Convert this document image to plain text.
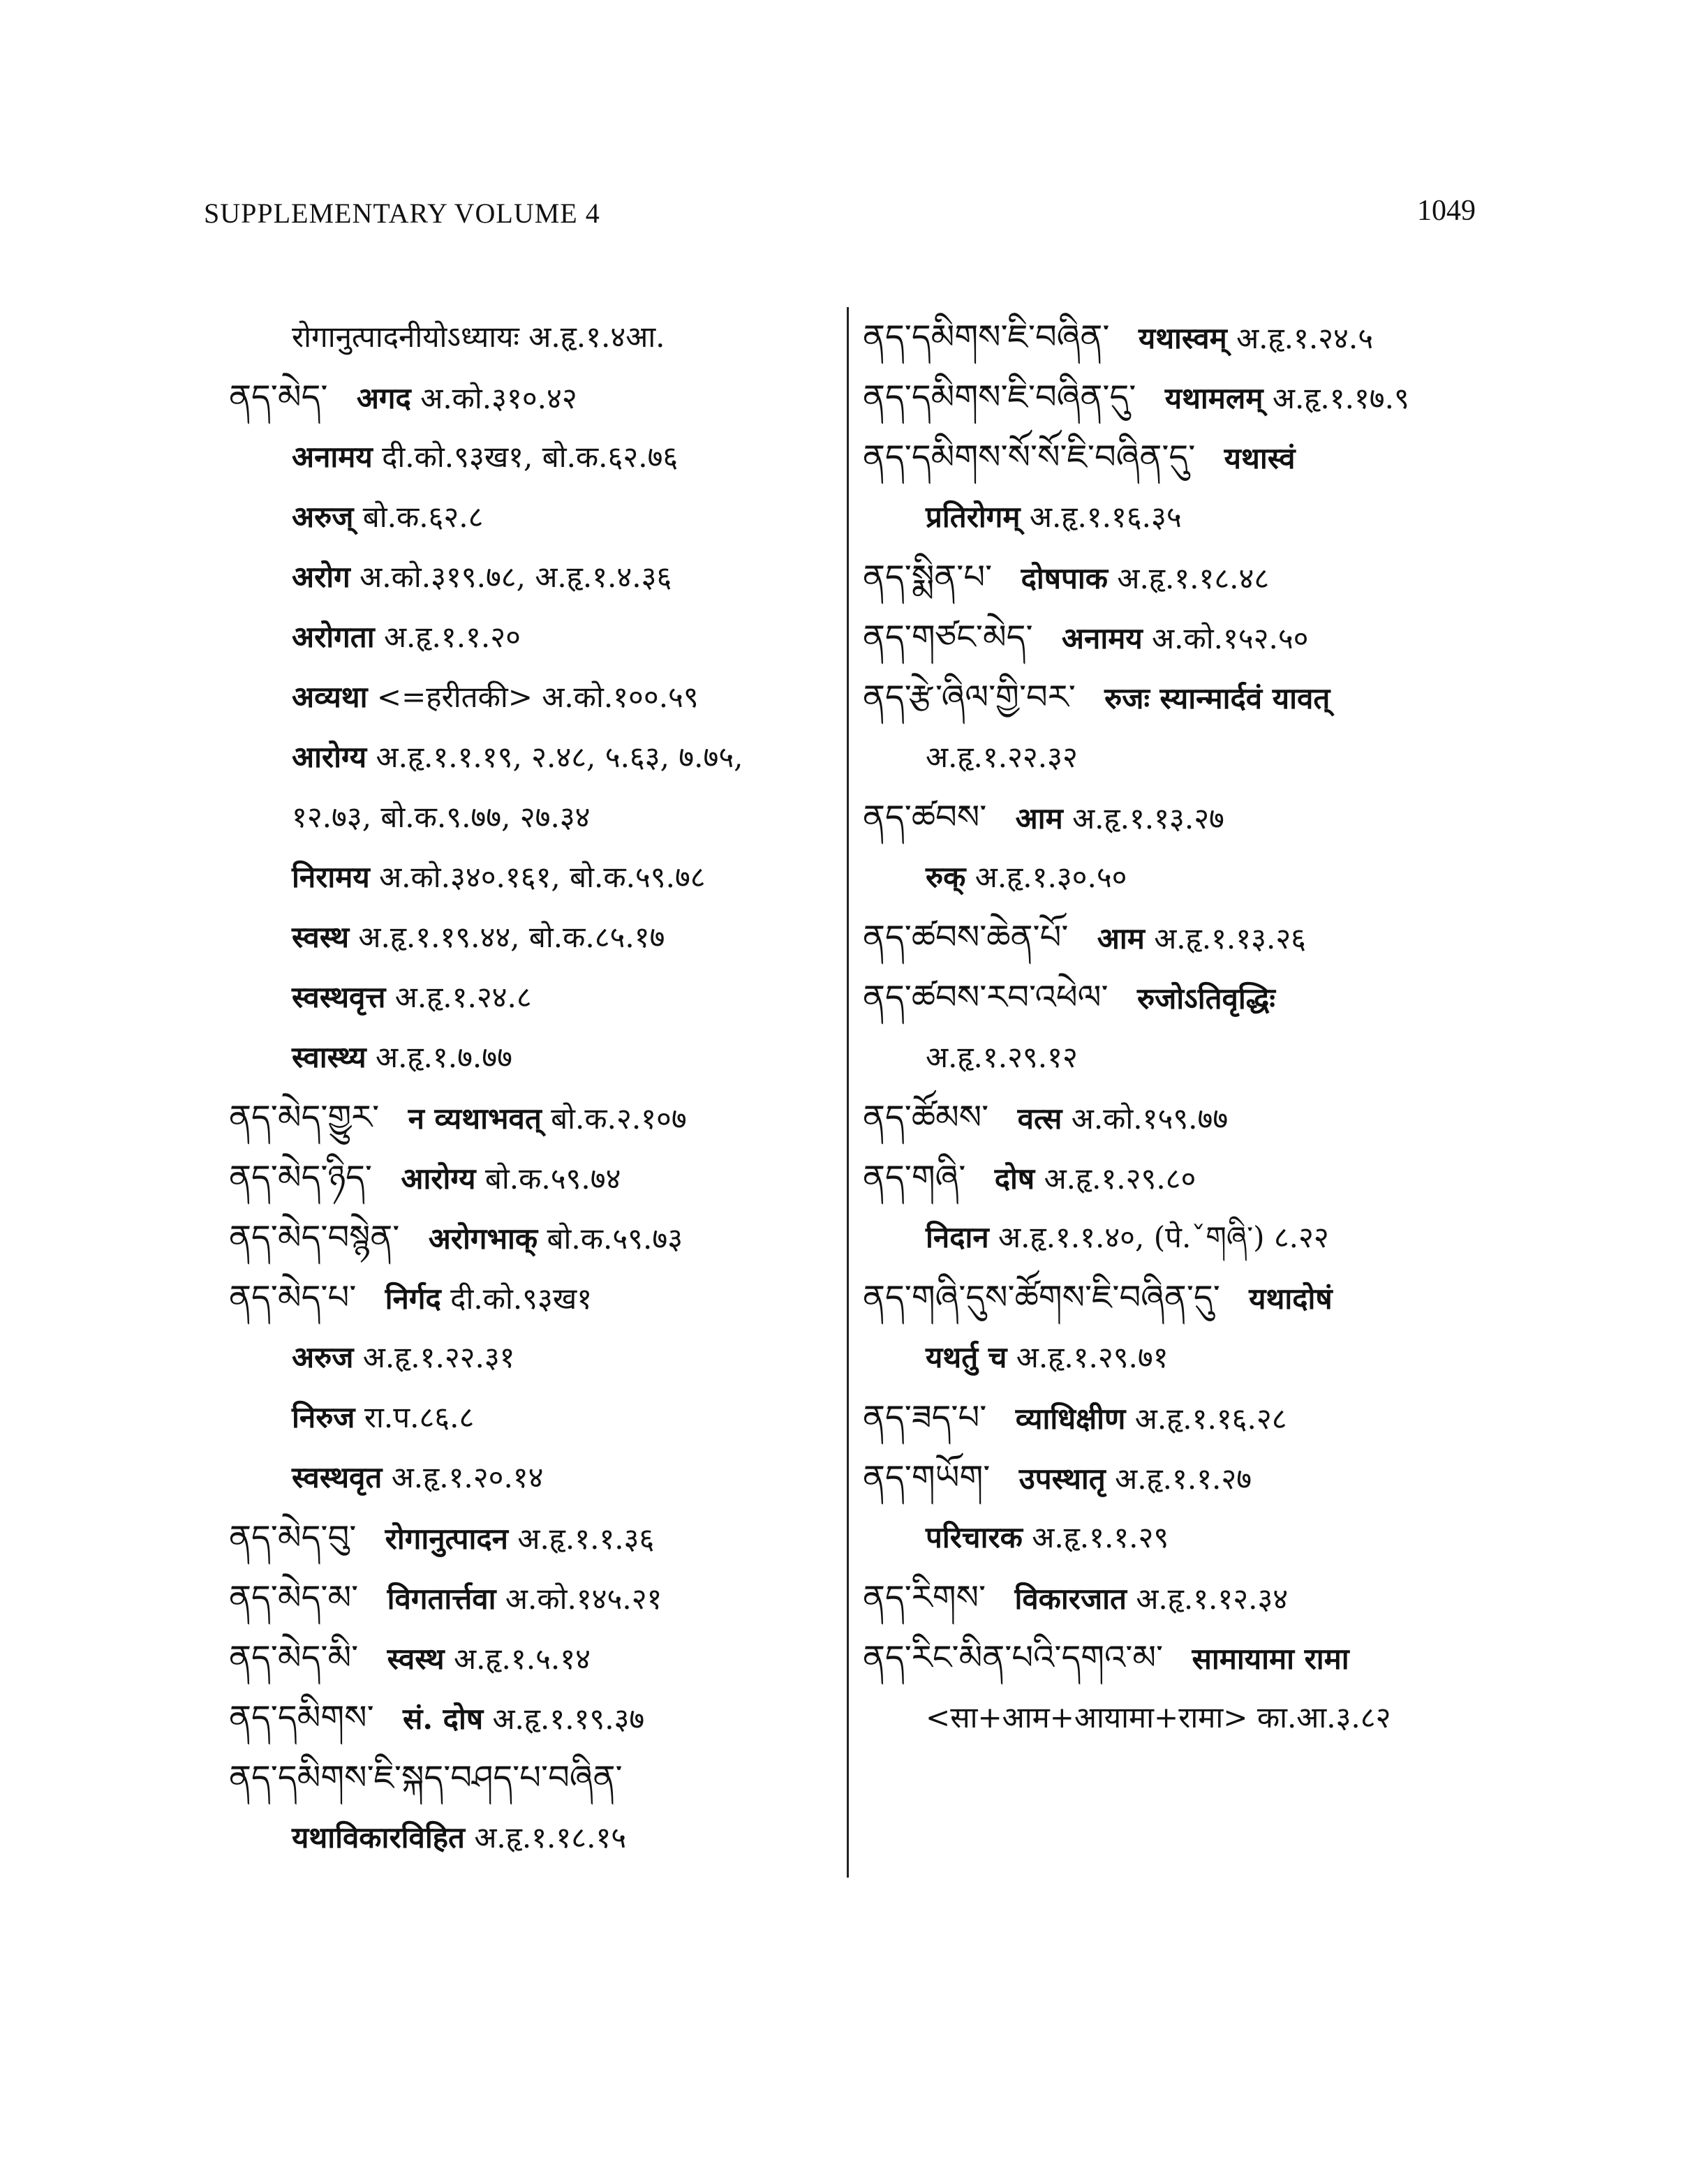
SUPPLEMENTARY VOLUME 4	1049
रोगानुत्पादनीयोऽध्यायः अ.हृ.१.४आ.
ནད་མེད་ अगद अ.को.३१०.४२
अनामय दी.को.९३ख१, बो.क.६२.७६
अरुज् बो.क.६२.८
अरोग अ.को.३१९.७८, अ.हृ.१.४.३६
अरोगता अ.हृ.१.१.२०
अव्यथा <=हरीतकी> अ.को.१००.५९
आरोग्य अ.हृ.१.१.१९, २.४८, ५.६३, ७.७५,
१२.७३, बो.क.९.७७, २७.३४
निरामय अ.को.३४०.१६१, बो.क.५९.७८
स्वस्थ अ.हृ.१.१९.४४, बो.क.८५.१७
स्वस्थवृत्त अ.हृ.१.२४.८
स्वास्थ्य अ.हृ.१.७.७७
ནད་མེད་གྱུར་ न व्यथाभवत् बो.क.२.१०७
ནད་མེད་ཉིད་ आरोग्य बो.क.५९.७४
ནད་མེད་བསྙེན་ अरोगभाक् बो.क.५९.७३
ནད་མེད་པ་ निर्गद दी.को.९३ख१
अरुज अ.हृ.१.२२.३१
निरुज रा.प.८६.८
स्वस्थवृत अ.हृ.१.२०.१४
ནད་མེད་བུ་ रोगानुत्पादन अ.हृ.१.१.३६
ནད་མེད་མ་ विगतार्त्तवा अ.को.१४५.२१
ནད་མེད་མི་ स्वस्थ अ.हृ.१.५.१४
ནད་དམིགས་ सं. दोष अ.हृ.१.१९.३७
ནད་དམིགས་ཇི་སྐད་བཤད་པ་བཞིན་
यथाविकारविहित अ.हृ.१.१८.१५
ནད་དམིགས་ཇི་བཞིན་ यथास्वम् अ.हृ.१.२४.५
ནད་དམིགས་ཇི་བཞིན་དུ་ यथामलम् अ.हृ.१.१७.९
ནད་དམིགས་སོ་སོ་ཇི་བཞིན་དུ་ यथास्वं
प्रतिरोगम् अ.हृ.१.१६.३५
ནད་སྨིན་པ་ दोषपाक अ.हृ.१.१८.४८
ནད་གཙང་མེད་ अनामय अ.को.१५२.५०
ནད་རྩེ་ཞིལ་གྱི་བར་ रुजः स्यान्मार्दवं यावत्
अ.हृ.१.२२.३२
ནད་ཚབས་ आम अ.हृ.१.१३.२७
रुक् अ.हृ.१.३०.५०
ནད་ཚབས་ཆེན་པོ་ आम अ.हृ.१.१३.२६
ནད་ཚབས་རབ་འཕེལ་ रुजोऽतिवृद्धिः
अ.हृ.१.२९.१२
ནད་ཚོམས་ वत्स अ.को.१५९.७७
ནད་གཞི་ दोष अ.हृ.१.२९.८०
निदान अ.हृ.१.१.४०, (पे.ˇགཞི་) ८.२२
ནད་གཞི་དུས་ཚོགས་ཇི་བཞིན་དུ་ यथादोषं
यथर्तु च अ.हृ.१.२९.७१
ནད་ཟད་པ་ व्याधिक्षीण अ.हृ.१.१६.२८
ནད་གཡོག་ उपस्थातृ अ.हृ.१.१.२७
परिचारक अ.हृ.१.१.२९
ནད་རིགས་ विकारजात अ.हृ.१.१२.३४
ནད་རིང་མིན་པའི་དགའ་མ་ सामायामा रामा
<सा+आम+आयामा+रामा> का.आ.३.८२
